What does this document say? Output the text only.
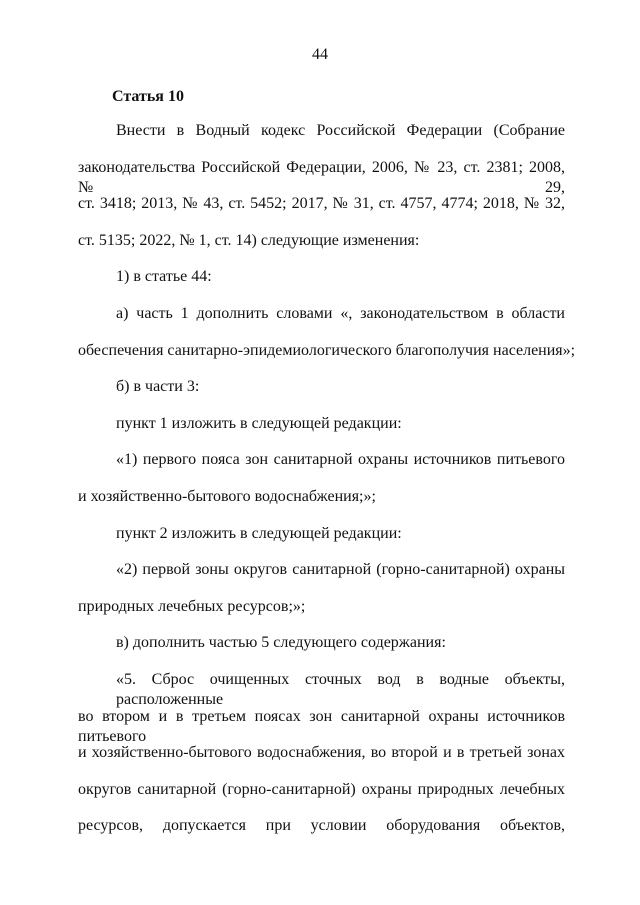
44
Статья 10
Внести в Водный кодекс Российской Федерации (Собрание
законодательства Российской Федерации, 2006, № 23, ст. 2381; 2008, № 29,
ст. 3418; 2013, № 43, ст. 5452; 2017, № 31, ст. 4757, 4774; 2018, № 32,
ст. 5135; 2022, № 1, ст. 14) следующие изменения:
1) в статье 44:
а) часть 1 дополнить словами «, законодательством в области
обеспечения санитарно-эпидемиологического благополучия населения»;
б) в части 3:
пункт 1 изложить в следующей редакции:
«1) первого пояса зон санитарной охраны источников питьевого
и хозяйственно-бытового водоснабжения;»;
пункт 2 изложить в следующей редакции:
«2) первой зоны округов санитарной (горно-санитарной) охраны
природных лечебных ресурсов;»;
в) дополнить частью 5 следующего содержания:
«5. Сброс очищенных сточных вод в водные объекты, расположенные
во втором и в третьем поясах зон санитарной охраны источников питьевого
и хозяйственно-бытового водоснабжения, во второй и в третьей зонах
округов санитарной (горно-санитарной) охраны природных лечебных
ресурсов, допускается при условии оборудования объектов,
